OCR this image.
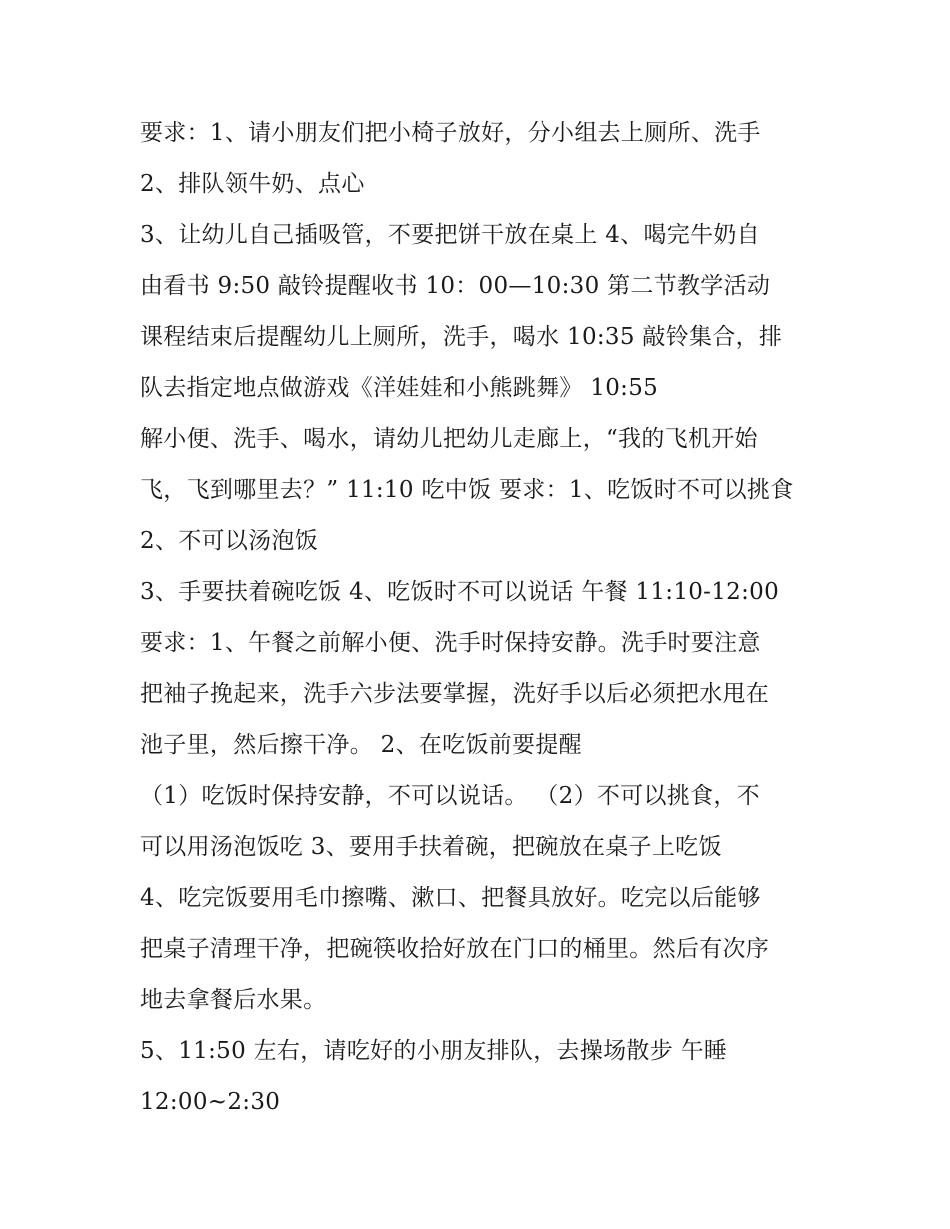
要求：1、请小朋友们把小椅子放好，分小组去上厕所、洗手
2、排队领牛奶、点心
3、让幼儿自己插吸管，不要把饼干放在桌上 4、喝完牛奶自
由看书 9:50 敲铃提醒收书 10：00—10:30 第二节教学活动
课程结束后提醒幼儿上厕所，洗手，喝水 10:35 敲铃集合，排
队去指定地点做游戏《洋娃娃和小熊跳舞》 10:55
解小便、洗手、喝水，请幼儿把幼儿走廊上，“我的飞机开始
飞，飞到哪里去？” 11:10 吃中饭 要求：1、吃饭时不可以挑食
2、不可以汤泡饭
3、手要扶着碗吃饭 4、吃饭时不可以说话 午餐 11:10-12:00
要求：1、午餐之前解小便、洗手时保持安静。洗手时要注意
把袖子挽起来，洗手六步法要掌握，洗好手以后必须把水甩在
池子里，然后擦干净。 2、在吃饭前要提醒
（1）吃饭时保持安静，不可以说话。 （2）不可以挑食，不
可以用汤泡饭吃 3、要用手扶着碗，把碗放在桌子上吃饭
4、吃完饭要用毛巾擦嘴、漱口、把餐具放好。吃完以后能够
把桌子清理干净，把碗筷收拾好放在门口的桶里。然后有次序
地去拿餐后水果。
5、11:50 左右，请吃好的小朋友排队，去操场散步 午睡
12:00~2:30
